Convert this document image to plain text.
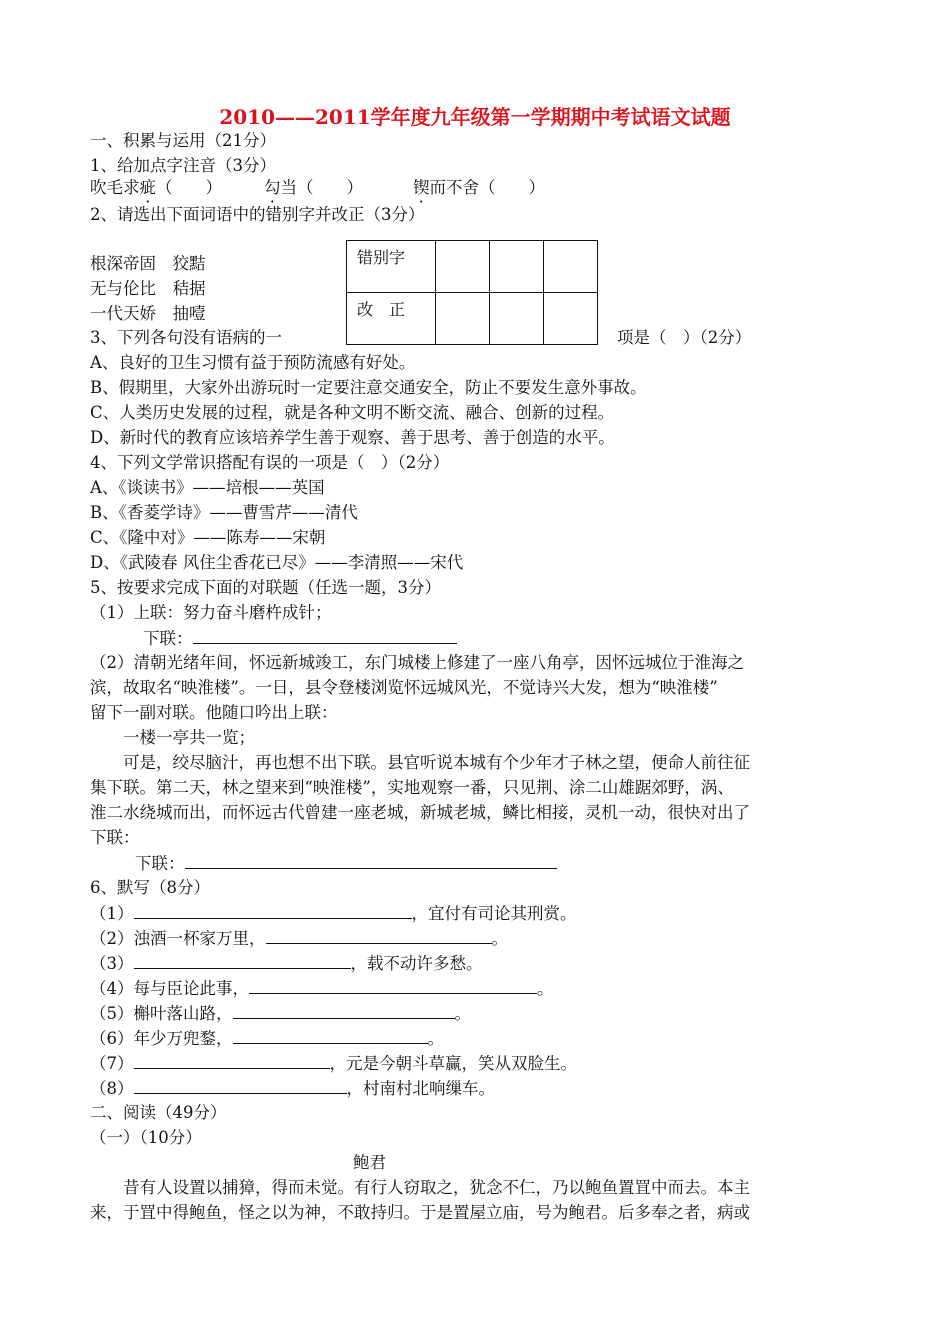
2010——2011学年度九年级第一学期期中考试语文试题
一、积累与运用（21分）
1、给加点字注音（3分）
吹毛求疵（　　）	勾当（　　）	锲而不舍（　　）
2、请选出下面词语中的错别字并改正（3分）
根深帝固　狡黠
无与伦比　秸据
一代天娇　抽噎
错别字			
改　正			
3、下列各句没有语病的一	项是（　）（2分）
A、良好的卫生习惯有益于预防流感有好处。
B、假期里，大家外出游玩时一定要注意交通安全，防止不要发生意外事故。
C、人类历史发展的过程，就是各种文明不断交流、融合、创新的过程。
D、新时代的教育应该培养学生善于观察、善于思考、善于创造的水平。
4、下列文学常识搭配有误的一项是（　）（2分）
A、《谈读书》——培根——英国
B、《香菱学诗》——曹雪芹——清代
C、《隆中对》——陈寿——宋朝
D、《武陵春 风住尘香花已尽》——李清照——宋代
5、按要求完成下面的对联题（任选一题，3分）
（1）上联：努力奋斗磨杵成针；
下联：
（2）清朝光绪年间，怀远新城竣工，东门城楼上修建了一座八角亭，因怀远城位于淮海之
滨，故取名“映淮楼”。一日，县令登楼浏览怀远城风光，不觉诗兴大发，想为“映淮楼”
留下一副对联。他随口吟出上联：
一楼一亭共一览；
可是，绞尽脑汁，再也想不出下联。县官听说本城有个少年才子林之望，便命人前往征
集下联。第二天，林之望来到“映淮楼”，实地观察一番，只见荆、涂二山雄踞郊野，涡、
淮二水绕城而出，而怀远古代曾建一座老城，新城老城，鳞比相接，灵机一动，很快对出了
下联：
下联：
6、默写（8分）
（1）	，宜付有司论其刑赏。
（2）浊酒一杯家万里，	。
（3）	，载不动许多愁。
（4）每与臣论此事，	。
（5）槲叶落山路，	。
（6）年少万兜鍪，	。
（7）	，元是今朝斗草赢，笑从双脸生。
（8）	，村南村北响缫车。
二、阅读（49分）
（一）（10分）
鲍君
昔有人设置以捕獐，得而未觉。有行人窃取之，犹念不仁，乃以鲍鱼置罝中而去。本主
来，于罝中得鲍鱼，怪之以为神，不敢持归。于是置屋立庙，号为鲍君。后多奉之者，病或
